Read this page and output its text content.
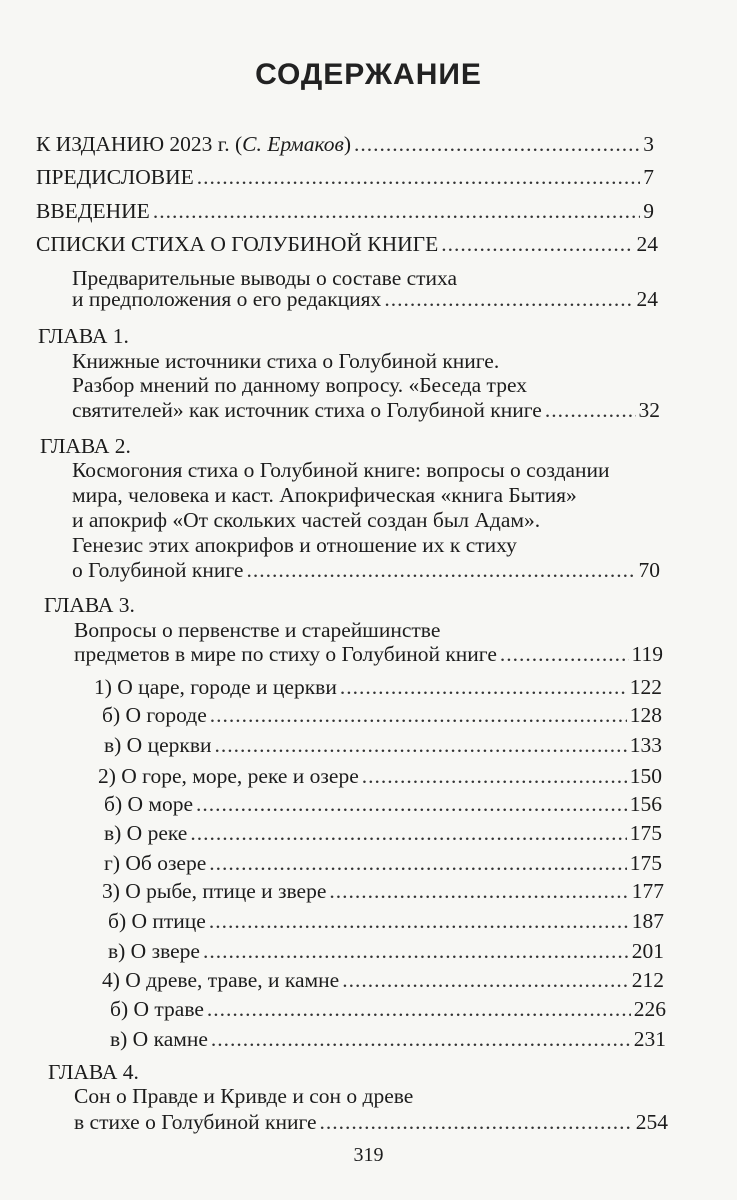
СОДЕРЖАНИЕ
К ИЗДАНИЮ 2023 г. (С. Ермаков) .....	3
ПРЕДИСЛОВИЕ .....	7
ВВЕДЕНИЕ .....	9
СПИСКИ СТИХА О ГОЛУБИНОЙ КНИГЕ .....	24
Предварительные выводы о составе стиха
и предположения о его редакциях .....	24
ГЛАВА 1.
Книжные источники стиха о Голубиной книге.
Разбор мнений по данному вопросу. «Беседа трех
святителей» как источник стиха о Голубиной книге .....	32
ГЛАВА 2.
Космогония стиха о Голубиной книге: вопросы о создании
мира, человека и каст. Апокрифическая «книга Бытия»
и апокриф «От скольких частей создан был Адам».
Генезис этих апокрифов и отношение их к стиху
о Голубиной книге .....	70
ГЛАВА 3.
Вопросы о первенстве и старейшинстве
предметов в мире по стиху о Голубиной книге .....	119
1) О царе, городе и церкви .....	122
б) О городе .....	128
в) О церкви .....	133
2) О горе, море, реке и озере .....	150
б) О море .....	156
в) О реке .....	175
г) Об озере .....	175
3) О рыбе, птице и звере .....	177
б) О птице .....	187
в) О звере .....	201
4) О древе, траве, и камне .....	212
б) О траве .....	226
в) О камне .....	231
ГЛАВА 4.
Сон о Правде и Кривде и сон о древе
в стихе о Голубиной книге .....	254
319
